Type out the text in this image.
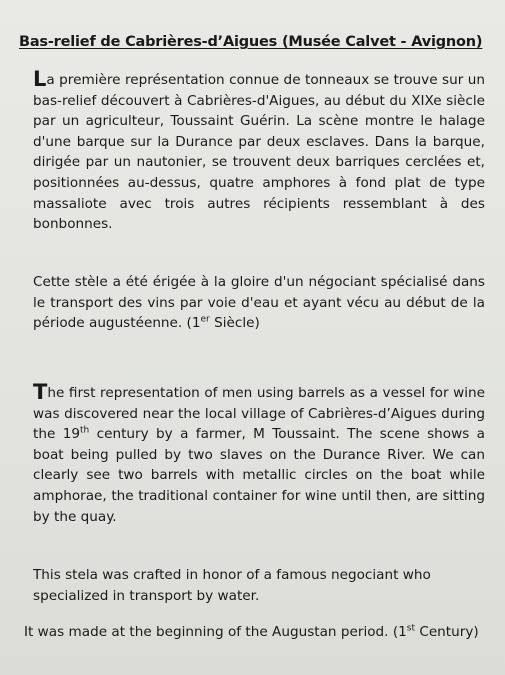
Bas-relief de Cabrières-d’Aigues (Musée Calvet - Avignon)
La première représentation connue de tonneaux se trouve sur un bas-relief découvert à Cabrières-d'Aigues, au début du XIXe siècle par un agriculteur, Toussaint Guérin. La scène montre le halage d'une barque sur la Durance par deux esclaves. Dans la barque, dirigée par un nautonier, se trouvent deux barriques cerclées et, positionnées au-dessus, quatre amphores à fond plat de type massaliote avec trois autres récipients ressemblant à des bonbonnes.
Cette stèle a été érigée à la gloire d'un négociant spécialisé dans le transport des vins par voie d'eau et ayant vécu au début de la période augustéenne. (1er Siècle)
The first representation of men using barrels as a vessel for wine was discovered near the local village of Cabrières-d’Aigues during the 19th century by a farmer, M Toussaint. The scene shows a boat being pulled by two slaves on the Durance River. We can clearly see two barrels with metallic circles on the boat while amphorae, the traditional container for wine until then, are sitting by the quay.
This stela was crafted in honor of a famous negociant who specialized in transport by water.
It was made at the beginning of the Augustan period. (1st Century)
